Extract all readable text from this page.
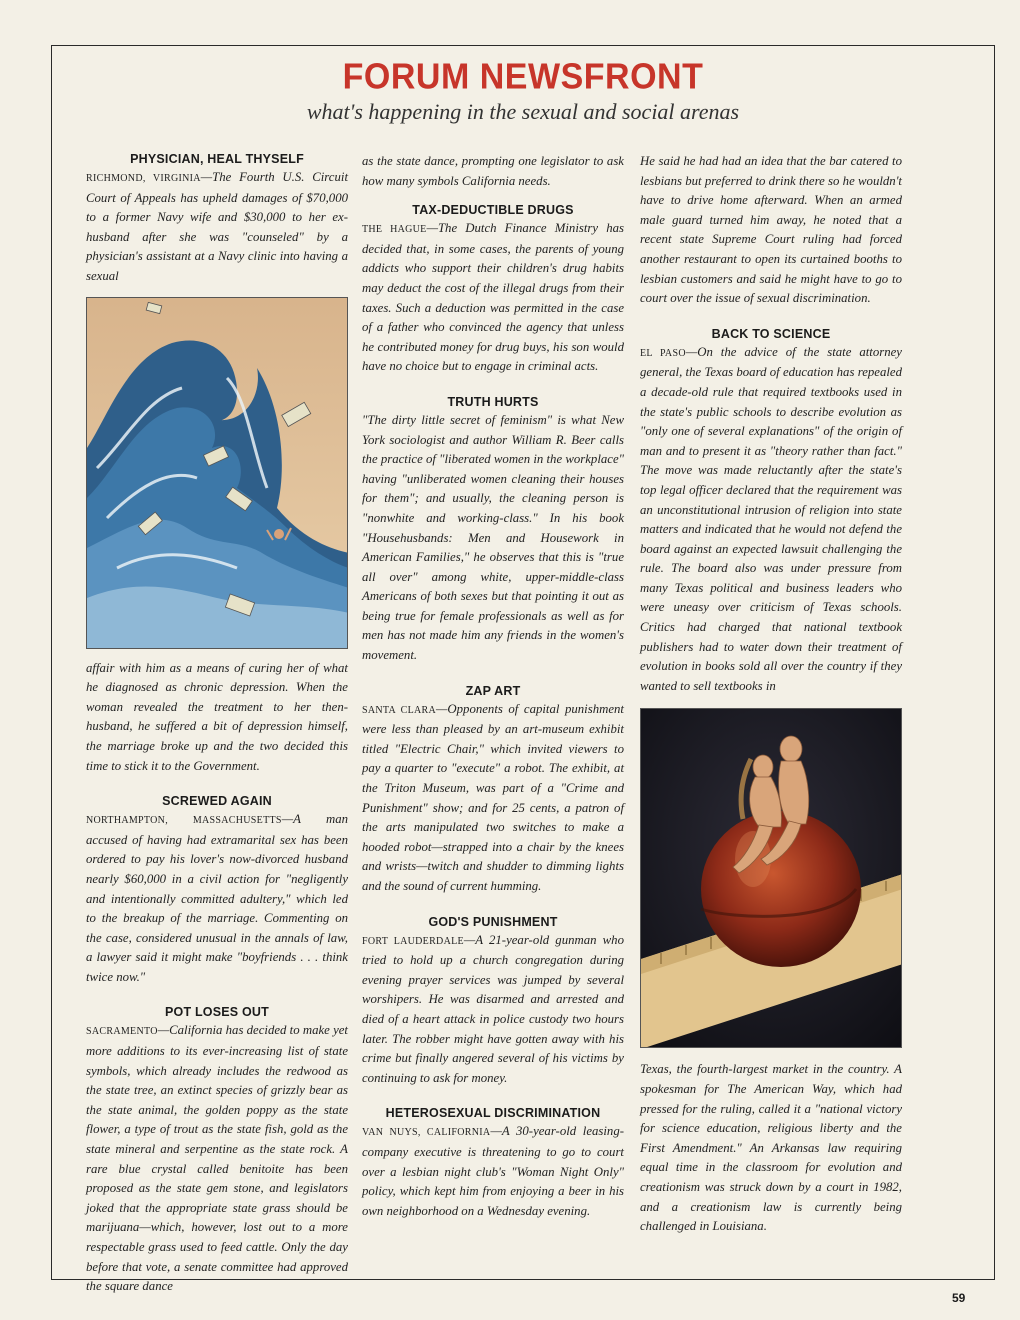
FORUM NEWSFRONT
what's happening in the sexual and social arenas
PHYSICIAN, HEAL THYSELF

RICHMOND, VIRGINIA—The Fourth U.S. Circuit Court of Appeals has upheld damages of $70,000 to a former Navy wife and $30,000 to her ex-husband after she was "counseled" by a physician's assistant at a Navy clinic into having a sexual

affair with him as a means of curing her of what he diagnosed as chronic depression. When the woman revealed the treatment to her then-husband, he suffered a bit of depression himself, the marriage broke up and the two decided this time to stick it to the Government.

SCREWED AGAIN

NORTHAMPTON, MASSACHUSETTS—A man accused of having had extramarital sex has been ordered to pay his lover's now-divorced husband nearly $60,000 in a civil action for "negligently and intentionally committed adultery," which led to the breakup of the marriage. Commenting on the case, considered unusual in the annals of law, a lawyer said it might make "boyfriends . . . think twice now."

POT LOSES OUT

SACRAMENTO—California has decided to make yet more additions to its ever-increasing list of state symbols, which already includes the redwood as the state tree, an extinct species of grizzly bear as the state animal, the golden poppy as the state flower, a type of trout as the state fish, gold as the state mineral and serpentine as the state rock. A rare blue crystal called benitoite has been proposed as the state gem stone, and legislators joked that the appropriate state grass should be marijuana—which, however, lost out to a more respectable grass used to feed cattle. Only the day before that vote, a senate committee had approved the square dance

as the state dance, prompting one legislator to ask how many symbols California needs.

TAX-DEDUCTIBLE DRUGS

THE HAGUE—The Dutch Finance Ministry has decided that, in some cases, the parents of young addicts who support their children's drug habits may deduct the cost of the illegal drugs from their taxes. Such a deduction was permitted in the case of a father who convinced the agency that unless he contributed money for drug buys, his son would have no choice but to engage in criminal acts.

TRUTH HURTS

"The dirty little secret of feminism" is what New York sociologist and author William R. Beer calls the practice of "liberated women in the workplace" having "unliberated women cleaning their houses for them"; and usually, the cleaning person is "nonwhite and working-class." In his book "Househusbands: Men and Housework in American Families," he observes that this is "true all over" among white, upper-middle-class Americans of both sexes but that pointing it out as being true for female professionals as well as for men has not made him any friends in the women's movement.

ZAP ART

SANTA CLARA—Opponents of capital punishment were less than pleased by an art-museum exhibit titled "Electric Chair," which invited viewers to pay a quarter to "execute" a robot. The exhibit, at the Triton Museum, was part of a "Crime and Punishment" show; and for 25 cents, a patron of the arts manipulated two switches to make a hooded robot—strapped into a chair by the knees and wrists—twitch and shudder to dimming lights and the sound of current humming.

GOD'S PUNISHMENT

FORT LAUDERDALE—A 21-year-old gunman who tried to hold up a church congregation during evening prayer services was jumped by several worshipers. He was disarmed and arrested and died of a heart attack in police custody two hours later. The robber might have gotten away with his crime but finally angered several of his victims by continuing to ask for money.

HETEROSEXUAL DISCRIMINATION

VAN NUYS, CALIFORNIA—A 30-year-old leasing-company executive is threatening to go to court over a lesbian night club's "Woman Night Only" policy, which kept him from enjoying a beer in his own neighborhood on a Wednesday evening.

He said he had had an idea that the bar catered to lesbians but preferred to drink there so he wouldn't have to drive home afterward. When an armed male guard turned him away, he noted that a recent state Supreme Court ruling had forced another restaurant to open its curtained booths to lesbian customers and said he might have to go to court over the issue of sexual discrimination.

BACK TO SCIENCE

EL PASO—On the advice of the state attorney general, the Texas board of education has repealed a decade-old rule that required textbooks used in the state's public schools to describe evolution as "only one of several explanations" of the origin of man and to present it as "theory rather than fact." The move was made reluctantly after the state's top legal officer declared that the requirement was an unconstitutional intrusion of religion into state matters and indicated that he would not defend the board against an expected lawsuit challenging the rule. The board also was under pressure from many Texas political and business leaders who were uneasy over criticism of Texas schools. Critics had charged that national textbook publishers had to water down their treatment of evolution in books sold all over the country if they wanted to sell textbooks in

Texas, the fourth-largest market in the country. A spokesman for The American Way, which had pressed for the ruling, called it a "national victory for science education, religious liberty and the First Amendment." An Arkansas law requiring equal time in the classroom for evolution and creationism was struck down by a court in 1982, and a creationism law is currently being challenged in Louisiana.

59
